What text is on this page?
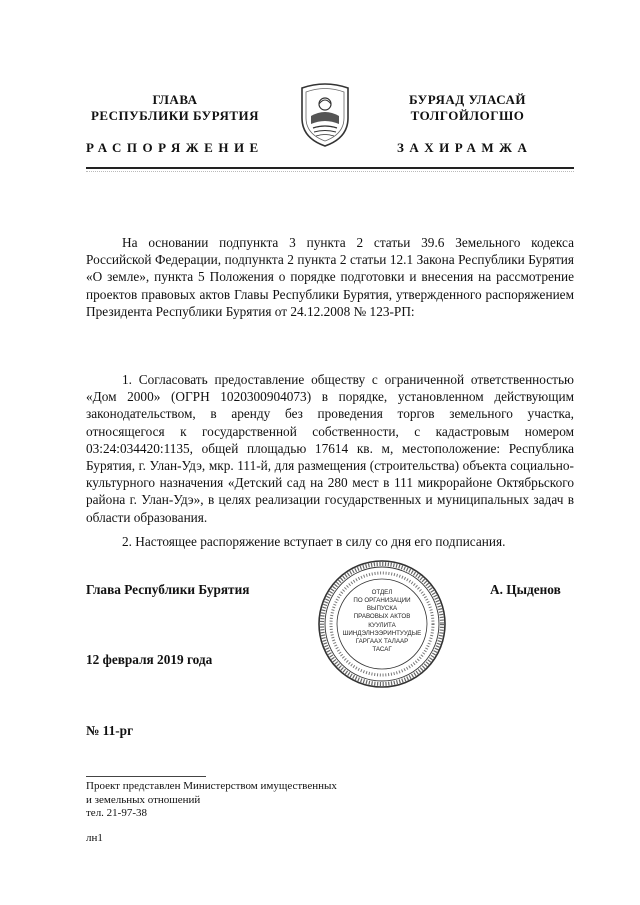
ГЛАВА
РЕСПУБЛИКИ БУРЯТИЯ
БУРЯАД УЛАСАЙ
ТОЛГОЙЛОГШО
РАСПОРЯЖЕНИЕ	ЗАХИРАМЖА
На основании подпункта 3 пункта 2 статьи 39.6 Земельного кодекса Российской Федерации, подпункта 2 пункта 2 статьи 12.1 Закона Республики Бурятия «О земле», пункта 5 Положения о порядке подготовки и внесения на рассмотрение проектов правовых актов Главы Республики Бурятия, утвержденного распоряжением Президента Республики Бурятия от 24.12.2008 № 123-РП:
1. Согласовать предоставление обществу с ограниченной ответственностью «Дом 2000» (ОГРН 1020300904073) в порядке, установленном действующим законодательством, в аренду без проведения торгов земельного участка, относящегося к государственной собственности, с кадастровым номером 03:24:034420:1135, общей площадью 17614 кв. м, местоположение: Республика Бурятия, г. Улан-Удэ, мкр. 111-й, для размещения (строительства) объекта социально-культурного назначения «Детский сад на 280 мест в 111 микрорайоне Октябрьского района г. Улан-Удэ», в целях реализации государственных и муниципальных задач в области образования.
2. Настоящее распоряжение вступает в силу со дня его подписания.
Глава Республики Бурятия	ОТДЕЛ
ПО ОРГАНИЗАЦИИ
ВЫПУСКА
ПРАВОВЫХ АКТОВ
КУУЛИТА
ШИНДЭЛНЭЭРИНТУУДЫЕ
ГАРГААХ ТАЛААР
ТАСАГ
А. Цыденов
12 февраля 2019 года
№ 11-рг
Проект представлен Министерством имущественных
и земельных отношений
тел. 21-97-38
лн1
